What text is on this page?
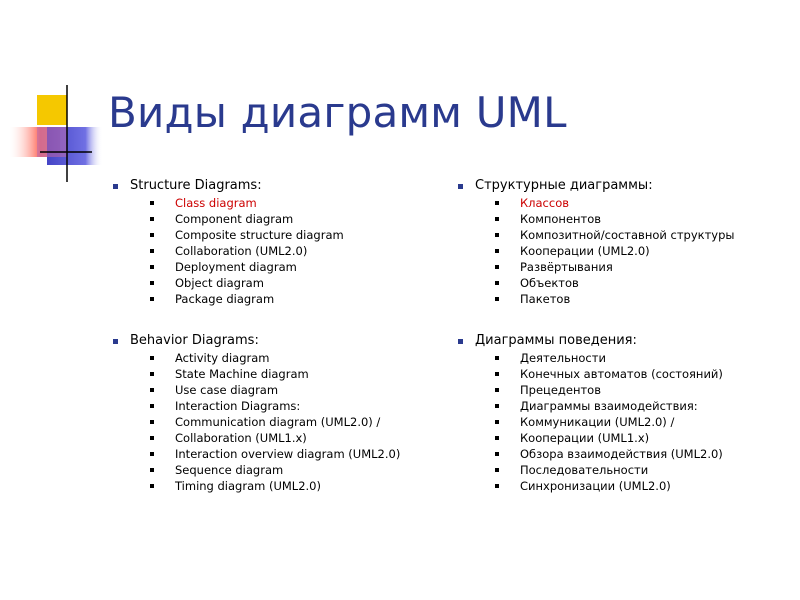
Виды диаграмм UML
Structure Diagrams:
Class diagram
Component diagram
Composite structure diagram
Collaboration (UML2.0)
Deployment diagram
Object diagram
Package diagram
Behavior Diagrams:
Activity diagram
State Machine diagram
Use case diagram
Interaction Diagrams:
Communication diagram (UML2.0) /
Collaboration (UML1.x)
Interaction overview diagram (UML2.0)
Sequence diagram
Timing diagram (UML2.0)
Структурные диаграммы:
Классов
Компонентов
Композитной/составной структуры
Кооперации (UML2.0)
Развёртывания
Объектов
Пакетов
Диаграммы поведения:
Деятельности
Конечных автоматов (состояний)
Прецедентов
Диаграммы взаимодействия:
Коммуникации (UML2.0) /
Кооперации (UML1.x)
Обзора взаимодействия (UML2.0)
Последовательности
Синхронизации (UML2.0)
